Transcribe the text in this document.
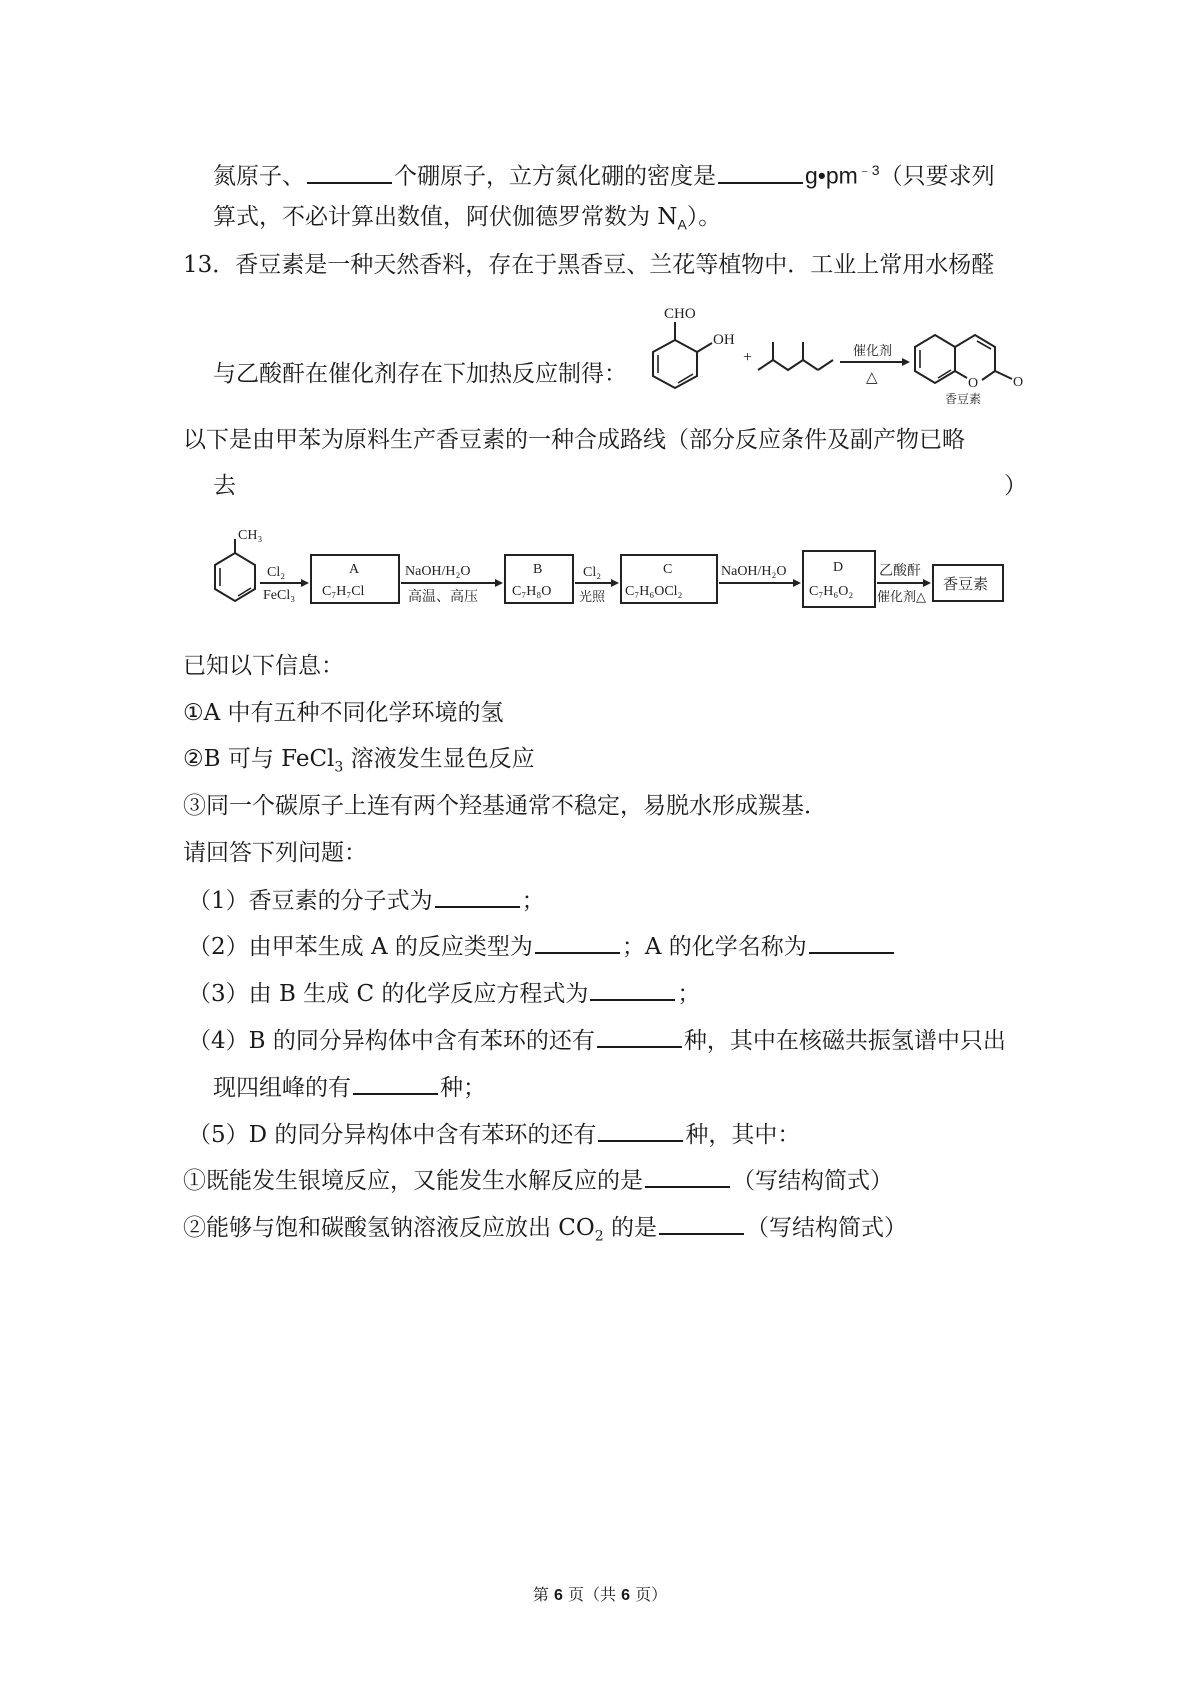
氮原子、	个硼原子，立方氮化硼的密度是	$g•pm^{﹣3}$（只要求列
算式，不必计算出数值，阿伏伽德罗常数为 $N_A$）。
13．香豆素是一种天然香料，存在于黑香豆、兰花等植物中．工业上常用水杨醛
CHO
OH
+	催化剂
△	O O
香豆素
与乙酸酐在催化剂存在下加热反应制得：
以下是由甲苯为原料生产香豆素的一种合成路线（部分反应条件及副产物已略
去	）
CH₃
Cl₂
FeCl₃
A
C₇H₇Cl
NaOH/H₂O
高温、高压
B
C₇H₈O
Cl₂
光照
C
C₇H₆OCl₂
NaOH/H₂O	D
C₇H₆O₂
乙酸酐
催化剂△
香豆素
已知以下信息：
①A 中有五种不同化学环境的氢
②B 可与 FeCl$_3$ 溶液发生显色反应
③同一个碳原子上连有两个羟基通常不稳定，易脱水形成羰基．
请回答下列问题：
（1）香豆素的分子式为	；
（2）由甲苯生成 A 的反应类型为	；A 的化学名称为
（3）由 B 生成 C 的化学反应方程式为	；
（4）B 的同分异构体中含有苯环的还有	种，其中在核磁共振氢谱中只出
现四组峰的有	种；
（5）D 的同分异构体中含有苯环的还有	种，其中：
①既能发生银境反应，又能发生水解反应的是	（写结构简式）
②能够与饱和碳酸氢钠溶液反应放出 $CO_2$ 的是	（写结构简式）
第 6 页（共 6 页）
